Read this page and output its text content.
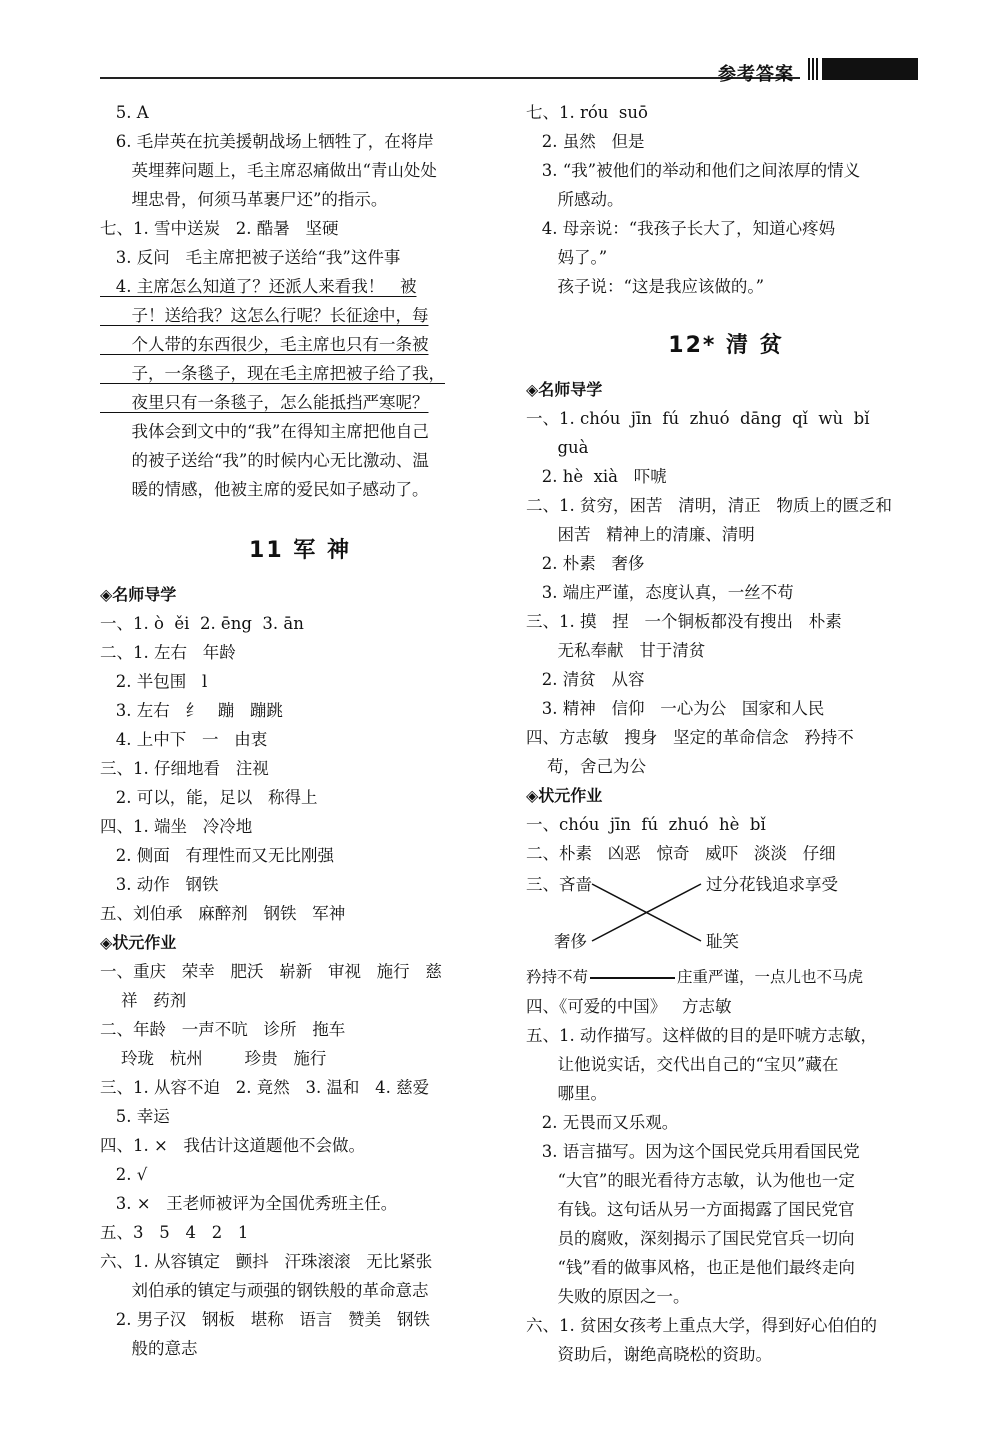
参考答案
5. A
6. 毛岸英在抗美援朝战场上牺牲了，在将岸
英埋葬问题上，毛主席忍痛做出“青山处处
埋忠骨，何须马革裹尸还”的指示。
七、1. 雪中送炭   2. 酷暑   坚硬
3. 反问   毛主席把被子送给“我”这件事
4. 主席怎么知道了？还派人来看我！   被
子！送给我？这怎么行呢？长征途中，每
个人带的东西很少，毛主席也只有一条被
子，一条毯子，现在毛主席把被子给了我，
夜里只有一条毯子，怎么能抵挡严寒呢？
我体会到文中的“我”在得知主席把他自己
的被子送给“我”的时候内心无比激动、温
暖的情感，他被主席的爱民如子感动了。
11 军 神
◈名师导学
一、1. ò  ěi  2. ēng  3. ān
二、1. 左右   年龄
2. 半包围   l
3. 左右   纟   蹦   蹦跳
4. 上中下   一   由衷
三、1. 仔细地看   注视
2. 可以，能，足以   称得上
四、1. 端坐   冷冷地
2. 侧面   有理性而又无比刚强
3. 动作   钢铁
五、刘伯承   麻醉剂   钢铁   军神
◈状元作业
一、重庆   荣幸   肥沃   崭新   审视   施行   慈
祥   药剂
二、年龄   一声不吭   诊所   拖车
玲珑   杭州        珍贵   施行
三、1. 从容不迫   2. 竟然   3. 温和   4. 慈爱
5. 幸运
四、1. ×   我估计这道题他不会做。
2. √
3. ×   王老师被评为全国优秀班主任。
五、3   5   4   2   1
六、1. 从容镇定   颤抖   汗珠滚滚   无比紧张
刘伯承的镇定与顽强的钢铁般的革命意志
2. 男子汉   钢板   堪称   语言   赞美   钢铁
般的意志
七、1. róu  suō
2. 虽然   但是
3. “我”被他们的举动和他们之间浓厚的情义
所感动。
4. 母亲说：“我孩子长大了，知道心疼妈
妈了。”
孩子说：“这是我应该做的。”
12* 清 贫
◈名师导学
一、1. chóu  jīn  fú  zhuó  dāng  qǐ  wù  bǐ
guà
2. hè  xià   吓唬
二、1. 贫穷，困苦   清明，清正   物质上的匮乏和
困苦   精神上的清廉、清明
2. 朴素   奢侈
3. 端庄严谨，态度认真，一丝不苟
三、1. 摸   捏   一个铜板都没有搜出   朴素
无私奉献   甘于清贫
2. 清贫   从容
3. 精神   信仰   一心为公   国家和人民
四、方志敏   搜身   坚定的革命信念   矜持不
苟，舍己为公
◈状元作业
一、chóu  jīn  fú  zhuó  hè  bǐ
二、朴素   凶恶   惊奇   威吓   淡淡   仔细
三、吝啬
奢侈
过分花钱追求享受
耻笑
矜持不苟	庄重严谨，一点儿也不马虎
四、《可爱的中国》   方志敏
五、1. 动作描写。这样做的目的是吓唬方志敏，
让他说实话，交代出自己的“宝贝”藏在
哪里。
2. 无畏而又乐观。
3. 语言描写。因为这个国民党兵用看国民党
“大官”的眼光看待方志敏，认为他也一定
有钱。这句话从另一方面揭露了国民党官
员的腐败，深刻揭示了国民党官兵一切向
“钱”看的做事风格，也正是他们最终走向
失败的原因之一。
六、1. 贫困女孩考上重点大学，得到好心伯伯的
资助后，谢绝高晓松的资助。
